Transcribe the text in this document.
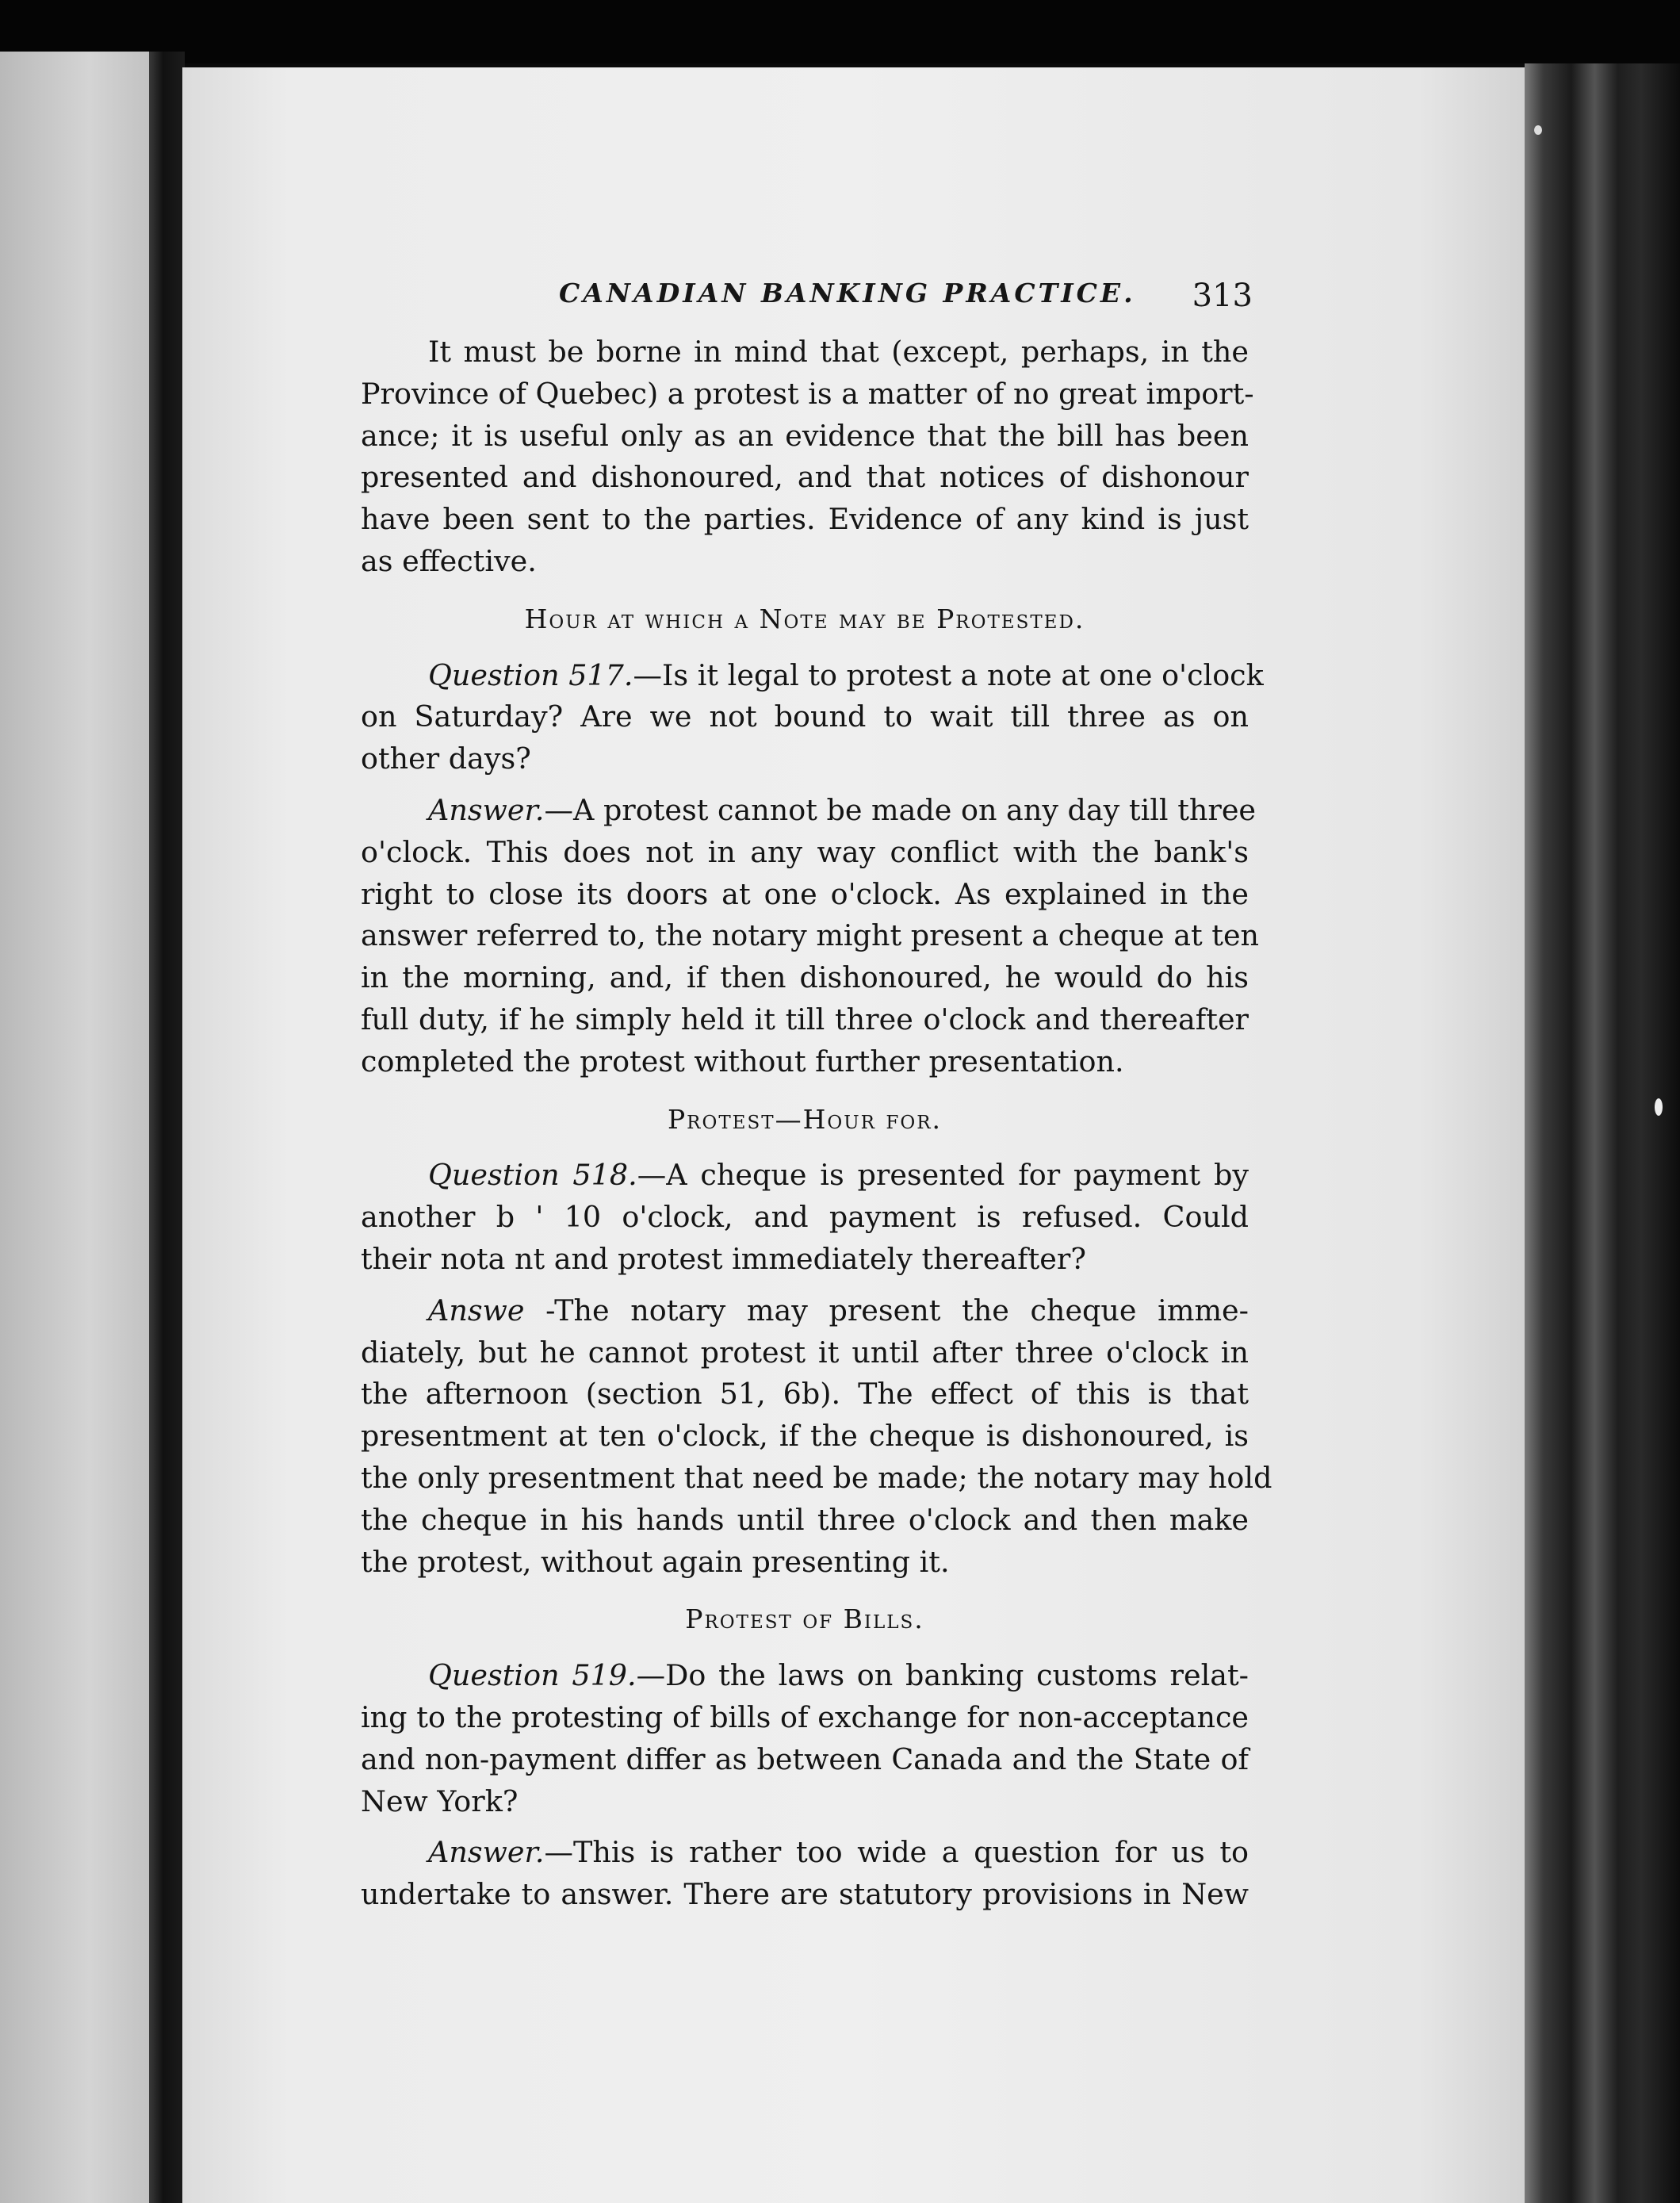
CANADIAN BANKING PRACTICE. 313
It must be borne in mind that (except, perhaps, in the
Province of Quebec) a protest is a matter of no great import-
ance; it is useful only as an evidence that the bill has been
presented and dishonoured, and that notices of dishonour
have been sent to the parties. Evidence of any kind is just
as effective.
Hour at which a Note may be Protested.
Question 517.—Is it legal to protest a note at one o'clock
on Saturday? Are we not bound to wait till three as on
other days?
Answer.—A protest cannot be made on any day till three
o'clock. This does not in any way conflict with the bank's
right to close its doors at one o'clock. As explained in the
answer referred to, the notary might present a cheque at ten
in the morning, and, if then dishonoured, he would do his
full duty, if he simply held it till three o'clock and thereafter
completed the protest without further presentation.
Protest—Hour for.
Question 518.—A cheque is presented for payment by
another b ' 10 o'clock, and payment is refused. Could
their nota nt and protest immediately thereafter?
Answe -The notary may present the cheque imme-
diately, but he cannot protest it until after three o'clock in
the afternoon (section 51, 6b). The effect of this is that
presentment at ten o'clock, if the cheque is dishonoured, is
the only presentment that need be made; the notary may hold
the cheque in his hands until three o'clock and then make
the protest, without again presenting it.
Protest of Bills.
Question 519.—Do the laws on banking customs relat-
ing to the protesting of bills of exchange for non-acceptance
and non-payment differ as between Canada and the State of
New York?
Answer.—This is rather too wide a question for us to
undertake to answer. There are statutory provisions in New
